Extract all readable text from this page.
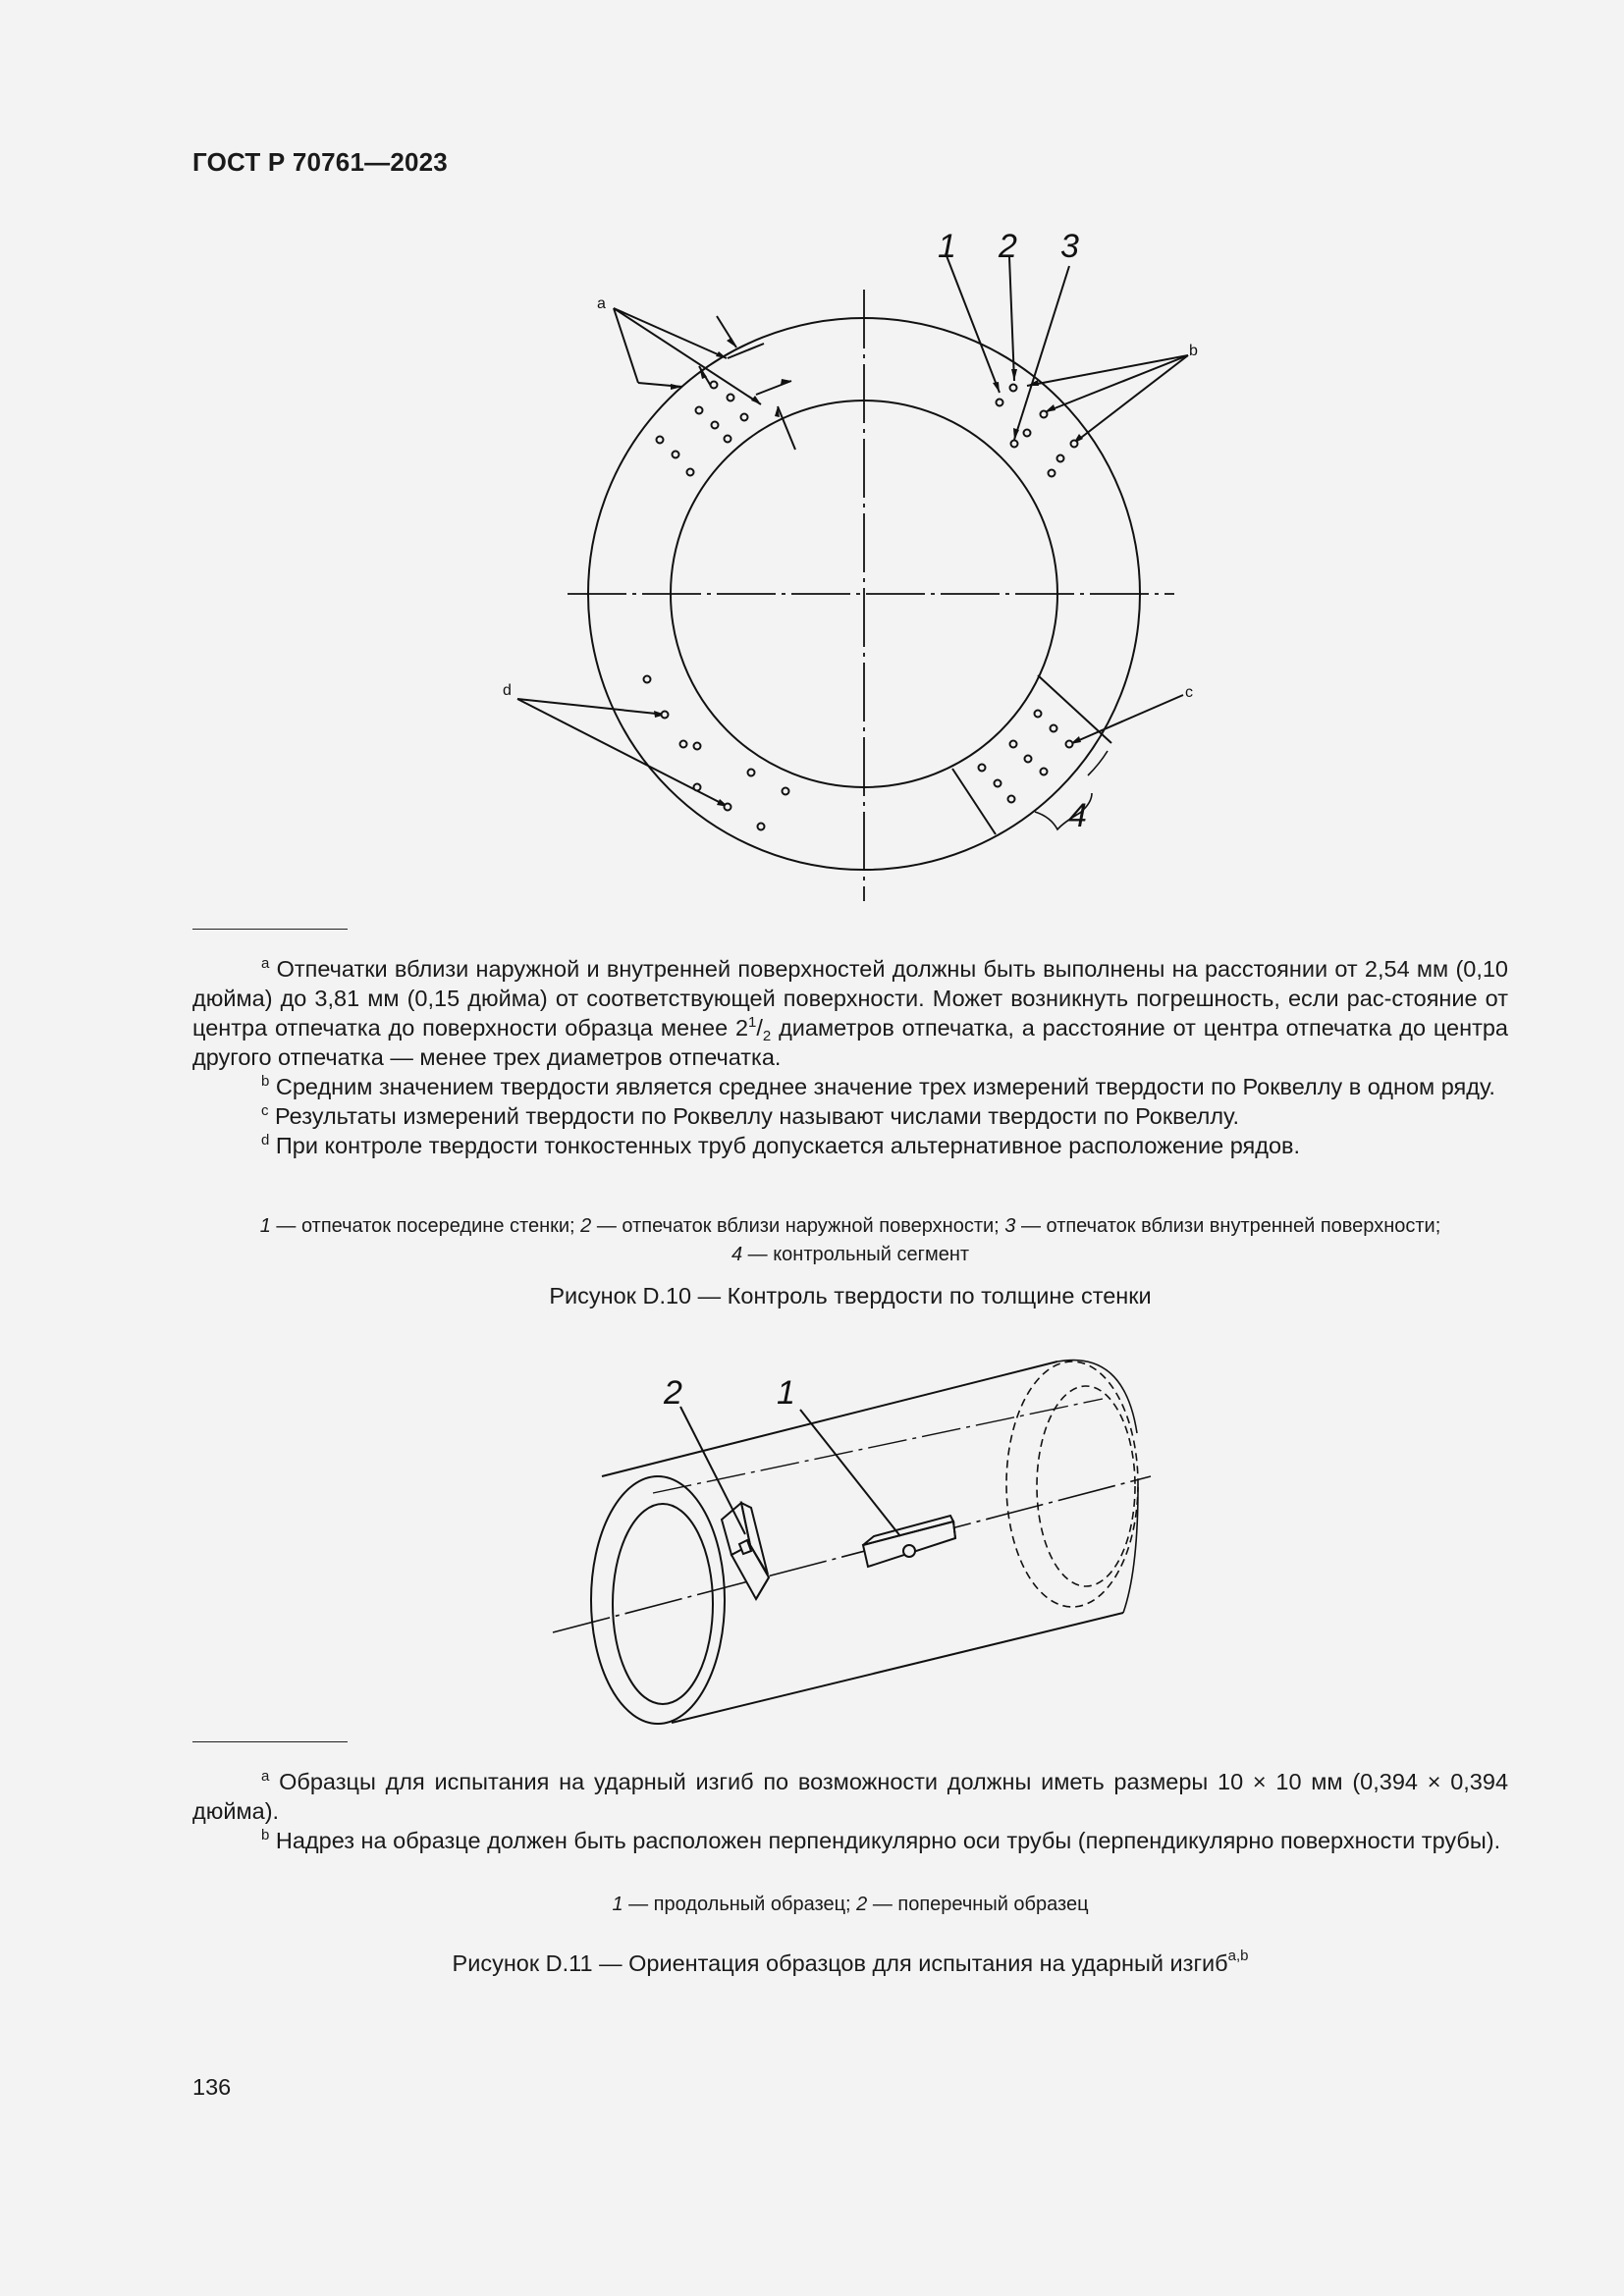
ГОСТ Р 70761—2023
1 2 3
4
a
b
c
d

$^a$ Отпечатки вблизи наружной и внутренней поверхностей должны быть выполнены на расстоянии от 2,54 мм (0,10 дюйма) до 3,81 мм (0,15 дюйма) от соответствующей поверхности. Может возникнуть погрешность, если рас-стояние от центра отпечатка до поверхности образца менее $2^1/_2$ диаметров отпечатка, а расстояние от центра отпечатка до центра другого отпечатка — менее трех диаметров отпечатка.

$^b$ Средним значением твердости является среднее значение трех измерений твердости по Роквеллу в одном ряду.

$^c$ Результаты измерений твердости по Роквеллу называют числами твердости по Роквеллу.

$^d$ При контроле твердости тонкостенных труб допускается альтернативное расположение рядов.

1 — отпечаток посередине стенки; 2 — отпечаток вблизи наружной поверхности; 3 — отпечаток вблизи внутренней поверхности;
4 — контрольный сегмент
Рисунок D.10 — Контроль твердости по толщине стенки
1
2

$^a$ Образцы для испытания на ударный изгиб по возможности должны иметь размеры 10 × 10 мм (0,394 × 0,394 дюйма).

$^b$ Надрез на образце должен быть расположен перпендикулярно оси трубы (перпендикулярно поверхности трубы).

1 — продольный образец; 2 — поперечный образец
Рисунок D.11 — Ориентация образцов для испытания на ударный изгиб$^{a,b}$
136
